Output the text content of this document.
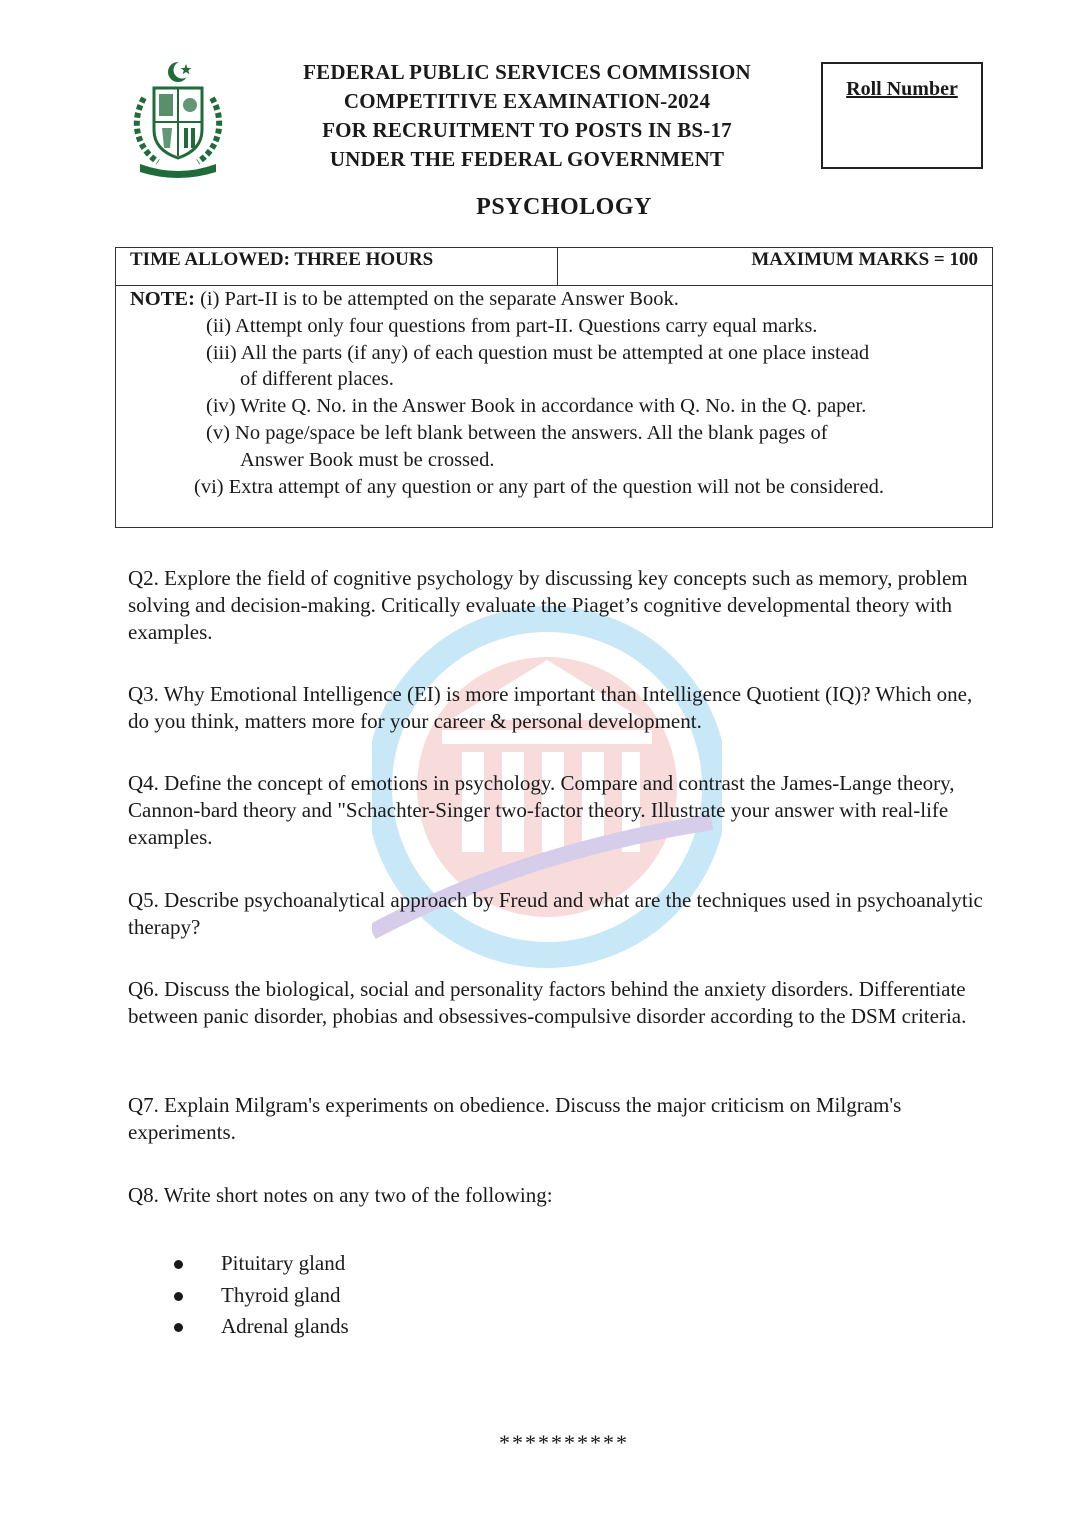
FEDERAL PUBLIC SERVICES COMMISSION
COMPETITIVE EXAMINATION-2024
FOR RECRUITMENT TO POSTS IN BS-17
UNDER THE FEDERAL GOVERNMENT
Roll Number
PSYCHOLOGY
TIME ALLOWED: THREE HOURS	MAXIMUM MARKS = 100
NOTE: (i) Part-II is to be attempted on the separate Answer Book.
(ii) Attempt only four questions from part-II. Questions carry equal marks.
(iii) All the parts (if any) of each question must be attempted at one place instead
of different places.
(iv) Write Q. No. in the Answer Book in accordance with Q. No. in the Q. paper.
(v) No page/space be left blank between the answers. All the blank pages of
Answer Book must be crossed.
(vi) Extra attempt of any question or any part of the question will not be considered.
Q2. Explore the field of cognitive psychology by discussing key concepts such as memory, problem solving and decision-making. Critically evaluate the Piaget’s cognitive developmental theory with examples.
Q3. Why Emotional Intelligence (EI) is more important than Intelligence Quotient (IQ)? Which one, do you think, matters more for your career & personal development.
Q4. Define the concept of emotions in psychology. Compare and contrast the James-Lange theory, Cannon-bard theory and "Schachter-Singer two-factor theory. Illustrate your answer with real-life examples.
Q5. Describe psychoanalytical approach by Freud and what are the techniques used in psychoanalytic therapy?
Q6. Discuss the biological, social and personality factors behind the anxiety disorders. Differentiate between panic disorder, phobias and obsessives-compulsive disorder according to the DSM criteria.
Q7. Explain Milgram's experiments on obedience. Discuss the major criticism on Milgram's experiments.
Q8. Write short notes on any two of the following:
Pituitary gland
Thyroid gland
Adrenal glands
**********
